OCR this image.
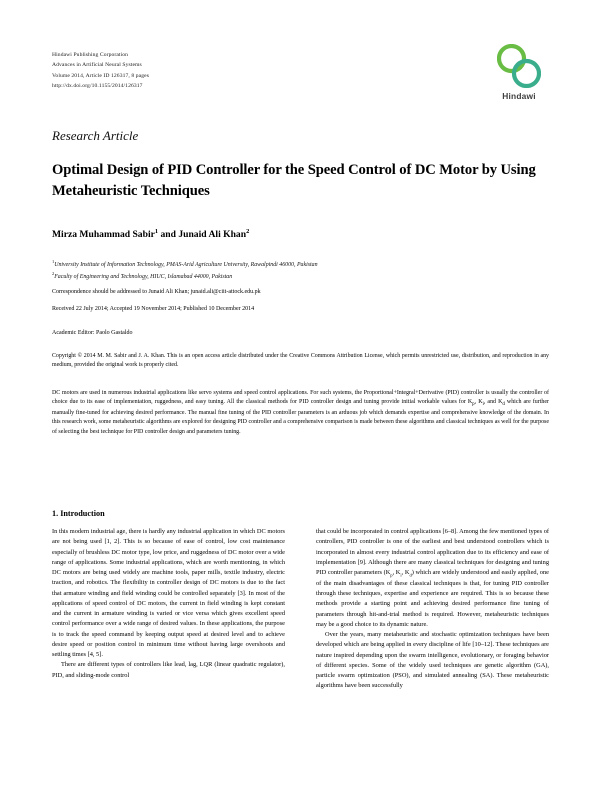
Hindawi Publishing Corporation
Advances in Artificial Neural Systems
Volume 2014, Article ID 126317, 8 pages
http://dx.doi.org/10.1155/2014/126317
Hindawi
Research Article
Optimal Design of PID Controller for the Speed Control of DC Motor by Using Metaheuristic Techniques
Mirza Muhammad Sabir$^1$ and Junaid Ali Khan$^2$
$^1$University Institute of Information Technology, PMAS-Arid Agriculture University, Rawalpindi 46000, Pakistan
$^2$Faculty of Engineering and Technology, HIUC, Islamabad 44000, Pakistan
Correspondence should be addressed to Junaid Ali Khan; junaid.ali@ciit-attock.edu.pk
Received 22 July 2014; Accepted 19 November 2014; Published 10 December 2014
Academic Editor: Paolo Gastaldo
Copyright © 2014 M. M. Sabir and J. A. Khan. This is an open access article distributed under the Creative Commons Attribution License, which permits unrestricted use, distribution, and reproduction in any medium, provided the original work is properly cited.
DC motors are used in numerous industrial applications like servo systems and speed control applications. For such systems, the Proportional+Integral+Derivative (PID) controller is usually the controller of choice due to its ease of implementation, ruggedness, and easy tuning. All the classical methods for PID controller design and tuning provide initial workable values for $K_p$, $K_i$, and $K_d$ which are further manually fine-tuned for achieving desired performance. The manual fine tuning of the PID controller parameters is an arduous job which demands expertise and comprehensive knowledge of the domain. In this research work, some metaheuristic algorithms are explored for designing PID controller and a comprehensive comparison is made between these algorithms and classical techniques as well for the purpose of selecting the best technique for PID controller design and parameters tuning.
1. Introduction

In this modern industrial age, there is hardly any industrial application in which DC motors are not being used [1, 2]. This is so because of ease of control, low cost maintenance especially of brushless DC motor type, low price, and ruggedness of DC motor over a wide range of applications. Some industrial applications, which are worth mentioning, in which DC motors are being used widely are machine tools, paper mills, textile industry, electric traction, and robotics. The flexibility in controller design of DC motors is due to the fact that armature winding and field winding could be controlled separately [3]. In most of the applications of speed control of DC motors, the current in field winding is kept constant and the current in armature winding is varied or vice versa which gives excellent speed control performance over a wide range of desired values. In these applications, the purpose is to track the speed command by keeping output speed at desired level and to achieve desire speed or position control in minimum time without having large overshoots and settling times [4, 5].

There are different types of controllers like lead, lag, LQR (linear quadratic regulator), PID, and sliding-mode control

that could be incorporated in control applications [6–8]. Among the few mentioned types of controllers, PID controller is one of the earliest and best understood controllers which is incorporated in almost every industrial control application due to its efficiency and ease of implementation [9]. Although there are many classical techniques for designing and tuning PID controller parameters ($K_p$, $K_i$, $K_d$) which are widely understood and easily applied, one of the main disadvantages of these classical techniques is that, for tuning PID controller through these techniques, expertise and experience are required. This is so because these methods provide a starting point and achieving desired performance fine tuning of parameters through hit-and-trial method is required. However, metaheuristic techniques may be a good choice to its dynamic nature.

Over the years, many metaheuristic and stochastic optimization techniques have been developed which are being applied in every discipline of life [10–12]. These techniques are nature inspired depending upon the swarm intelligence, evolutionary, or foraging behavior of different species. Some of the widely used techniques are genetic algorithm (GA), particle swarm optimization (PSO), and simulated annealing (SA). These metaheuristic algorithms have been successfully
